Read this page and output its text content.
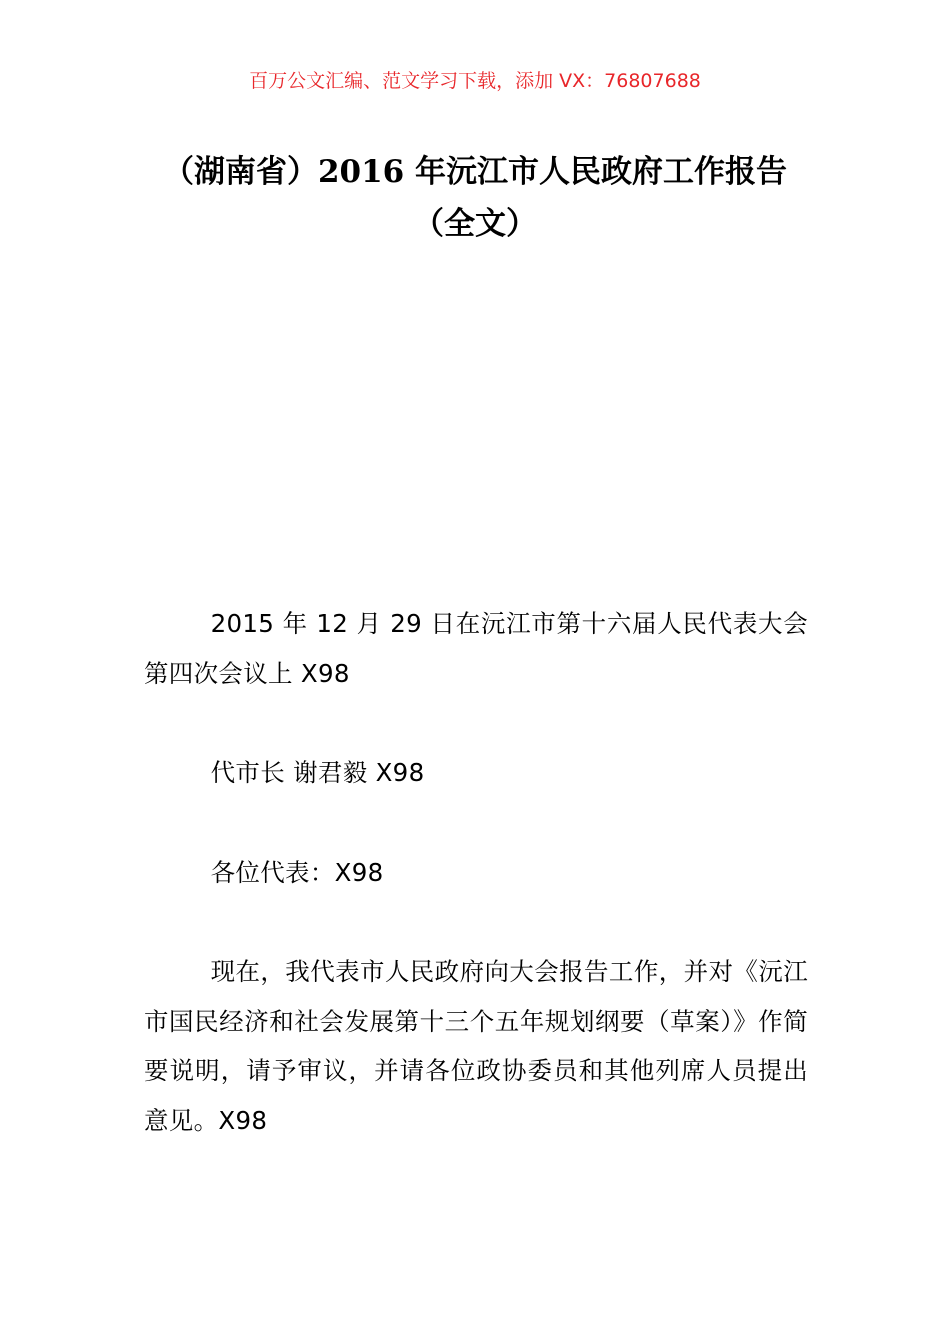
百万公文汇编、范文学习下载，添加 VX：76807688
（湖南省）2016 年沅江市人民政府工作报告（全文）

2015 年 12 月 29 日在沅江市第十六届人民代表大会第四次会议上 X98

代市长 谢君毅 X98

各位代表：X98

现在，我代表市人民政府向大会报告工作，并对《沅江市国民经济和社会发展第十三个五年规划纲要（草案）》作简要说明，请予审议，并请各位政协委员和其他列席人员提出意见。X98
